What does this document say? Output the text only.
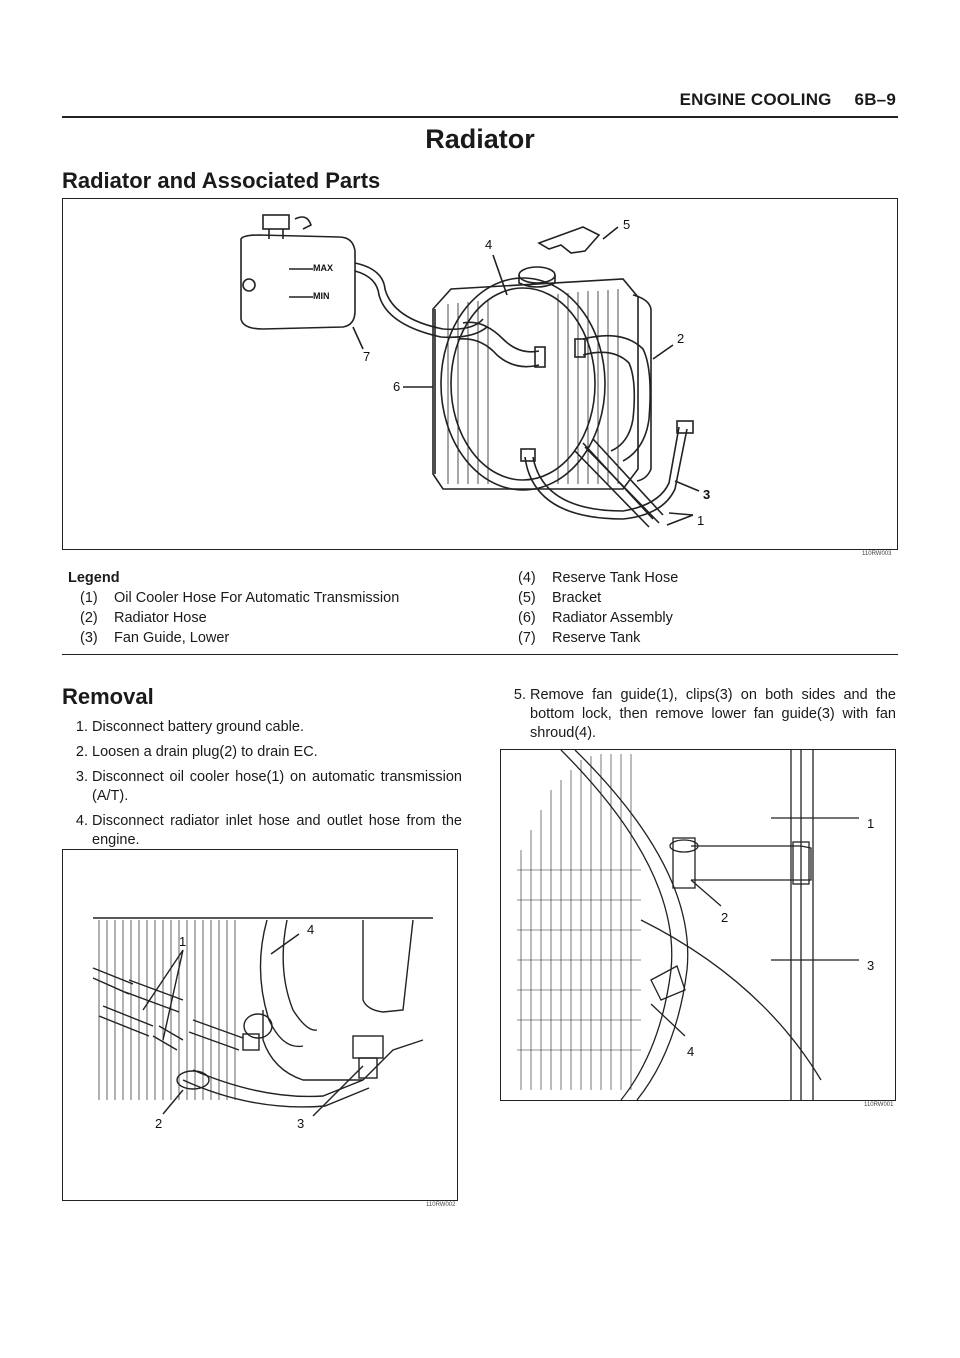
ENGINE COOLING 6B–9
Radiator
Radiator and Associated Parts
MAX
MIN
1
2
3
4
5
6
7
110RW003
Legend
(1)	Oil Cooler Hose For Automatic Transmission
(2)	Radiator Hose
(3)	Fan Guide, Lower
(4)	Reserve Tank Hose
(5)	Bracket
(6)	Radiator Assembly
(7)	Reserve Tank
Removal
1. Disconnect battery ground cable.
2. Loosen a drain plug(2) to drain EC.
3. Disconnect oil cooler hose(1) on automatic transmission (A/T).
4. Disconnect radiator inlet hose and outlet hose from the engine.
5. Remove fan guide(1), clips(3) on both sides and the bottom lock, then remove lower fan guide(3) with fan shroud(4).
1
2	3
4
110RW002
1
2
3
4
110RW001
